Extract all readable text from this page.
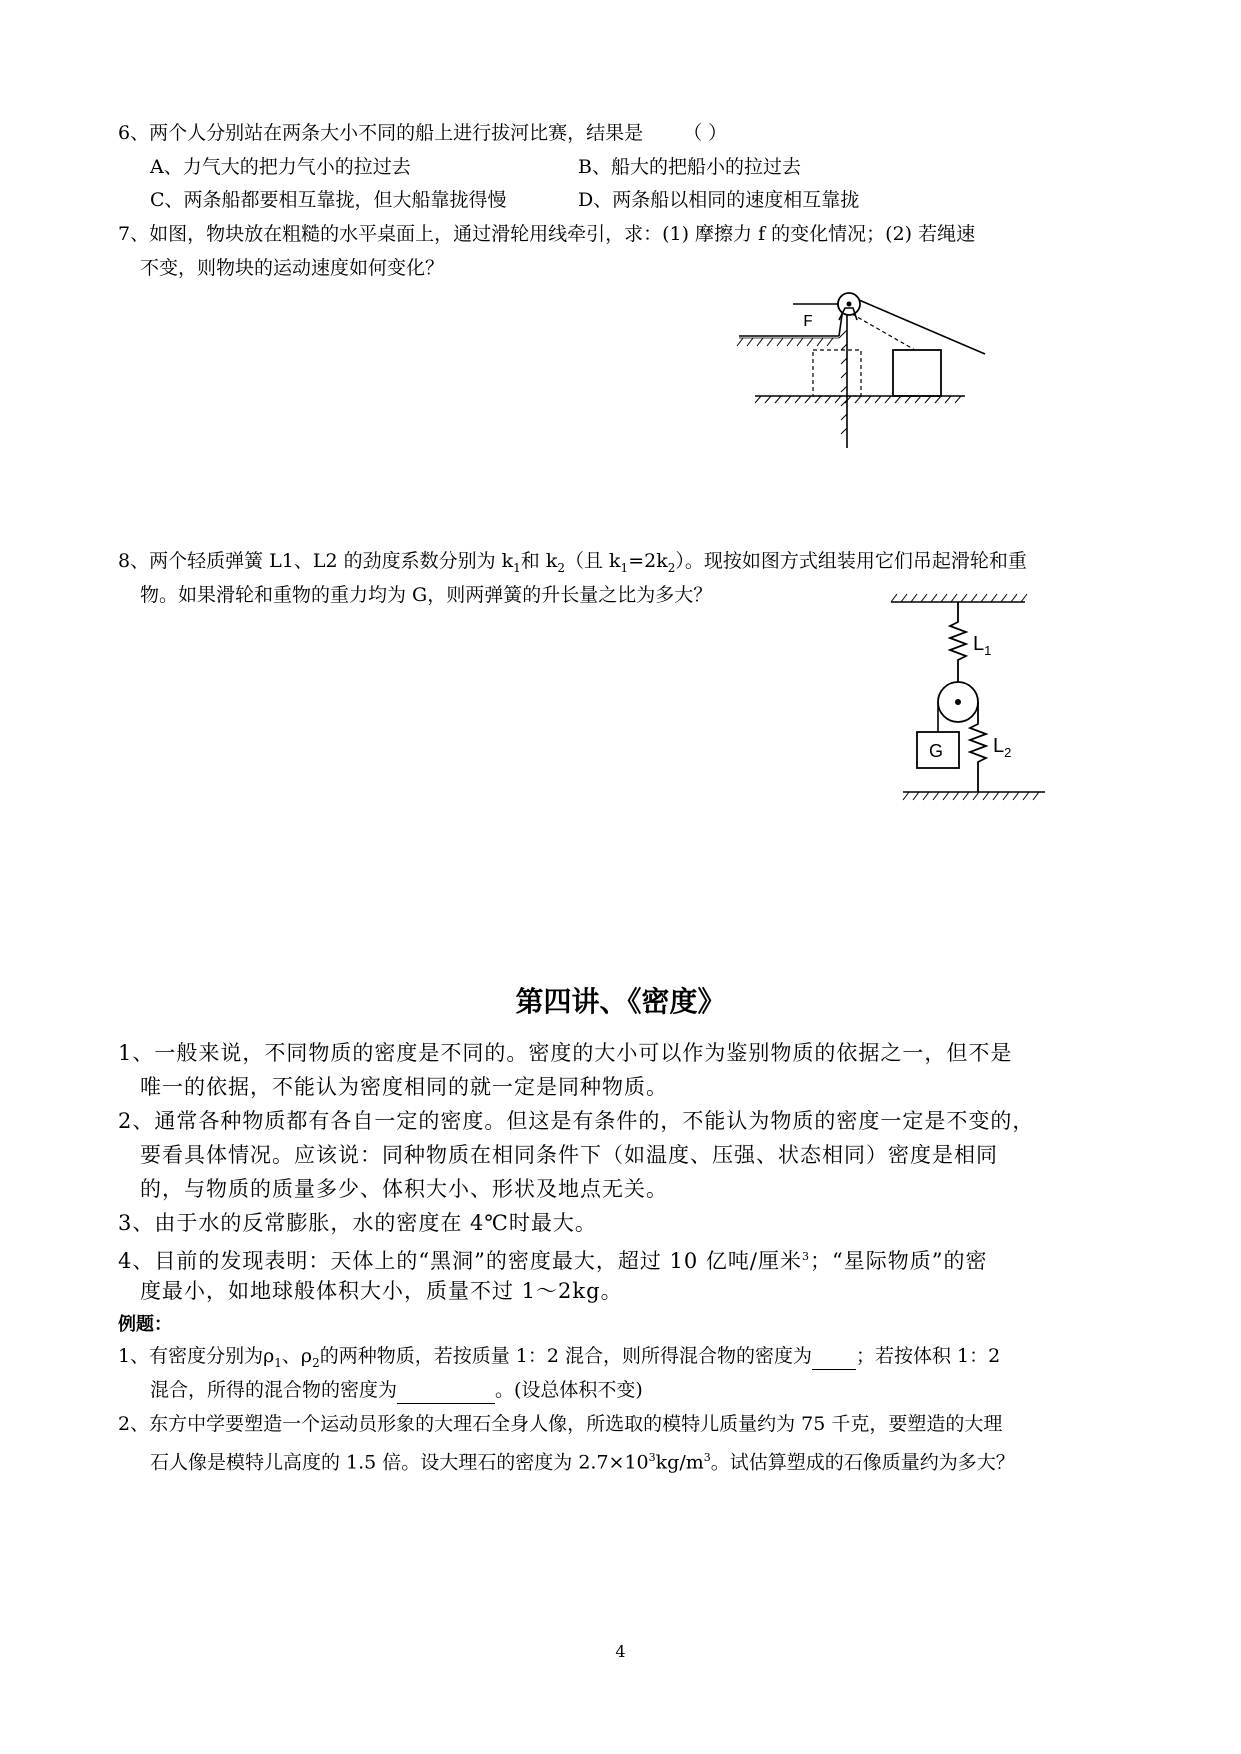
6、两个人分别站在两条大小不同的船上进行拔河比赛，结果是 （ ）
A、力气大的把力气小的拉过去	B、船大的把船小的拉过去
C、两条船都要相互靠拢，但大船靠拢得慢	D、两条船以相同的速度相互靠拢
7、如图，物块放在粗糙的水平桌面上，通过滑轮用线牵引，求：(1) 摩擦力 f 的变化情况；(2) 若绳速
不变，则物块的运动速度如何变化？
F
8、两个轻质弹簧 L1、L2 的劲度系数分别为 $k_1$和 $k_2$（且 $k_1=2k_2$）。现按如图方式组装用它们吊起滑轮和重
物。如果滑轮和重物的重力均为 G，则两弹簧的升长量之比为多大？
$L_1$
G $L_2$
第四讲、《密度》
1、一般来说，不同物质的密度是不同的。密度的大小可以作为鉴别物质的依据之一，但不是
唯一的依据，不能认为密度相同的就一定是同种物质。
2、通常各种物质都有各自一定的密度。但这是有条件的，不能认为物质的密度一定是不变的，
要看具体情况。应该说：同种物质在相同条件下（如温度、压强、状态相同）密度是相同
的，与物质的质量多少、体积大小、形状及地点无关。
3、由于水的反常膨胀，水的密度在 4℃时最大。
4、目前的发现表明：天体上的“黑洞”的密度最大，超过 10 亿吨/厘米$^3$；“星际物质”的密
度最小，如地球般体积大小，质量不过 1～2kg。
例题：
1、有密度分别为$\rho_1$、$\rho_2$的两种物质，若按质量 1：2 混合，则所得混合物的密度为 ；若按体积 1：2
混合，所得的混合物的密度为	。(设总体积不变)
2、东方中学要塑造一个运动员形象的大理石全身人像，所选取的模特儿质量约为 75 千克，要塑造的大理
石人像是模特儿高度的 1.5 倍。设大理石的密度为 $2.7\times 10^3kg/m^3$。试估算塑成的石像质量约为多大？
4
